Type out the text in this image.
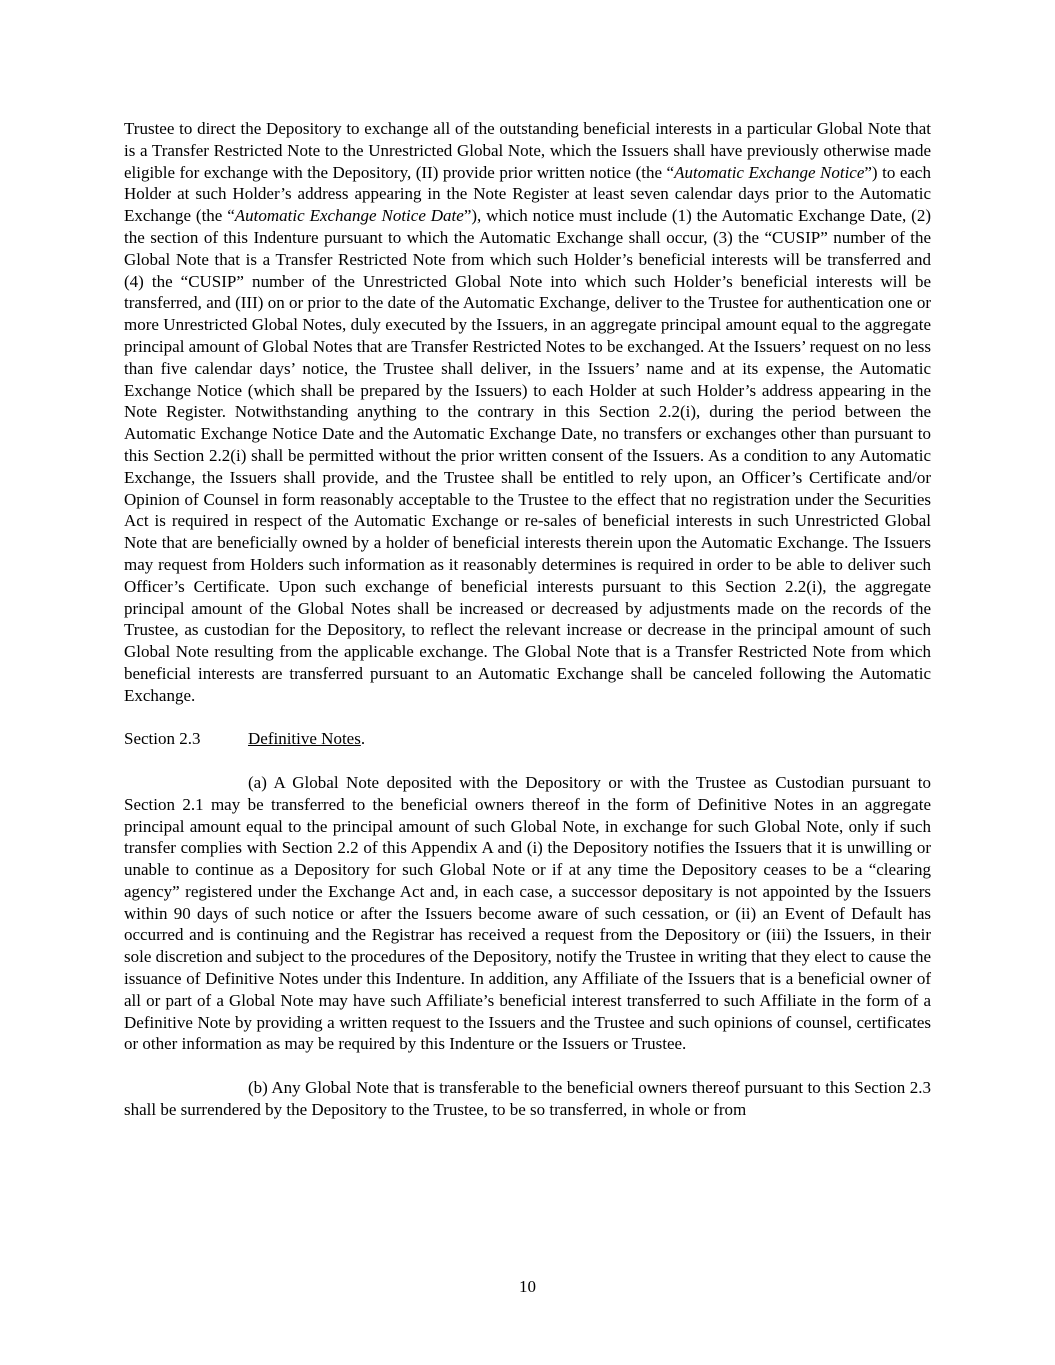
Trustee to direct the Depository to exchange all of the outstanding beneficial interests in a particular Global Note that is a Transfer Restricted Note to the Unrestricted Global Note, which the Issuers shall have previously otherwise made eligible for exchange with the Depository, (II) provide prior written notice (the “Automatic Exchange Notice”) to each Holder at such Holder’s address appearing in the Note Register at least seven calendar days prior to the Automatic Exchange (the “Automatic Exchange Notice Date”), which notice must include (1) the Automatic Exchange Date, (2) the section of this Indenture pursuant to which the Automatic Exchange shall occur, (3) the “CUSIP” number of the Global Note that is a Transfer Restricted Note from which such Holder’s beneficial interests will be transferred and (4) the “CUSIP” number of the Unrestricted Global Note into which such Holder’s beneficial interests will be transferred, and (III) on or prior to the date of the Automatic Exchange, deliver to the Trustee for authentication one or more Unrestricted Global Notes, duly executed by the Issuers, in an aggregate principal amount equal to the aggregate principal amount of Global Notes that are Transfer Restricted Notes to be exchanged. At the Issuers’ request on no less than five calendar days’ notice, the Trustee shall deliver, in the Issuers’ name and at its expense, the Automatic Exchange Notice (which shall be prepared by the Issuers) to each Holder at such Holder’s address appearing in the Note Register. Notwithstanding anything to the contrary in this Section 2.2(i), during the period between the Automatic Exchange Notice Date and the Automatic Exchange Date, no transfers or exchanges other than pursuant to this Section 2.2(i) shall be permitted without the prior written consent of the Issuers. As a condition to any Automatic Exchange, the Issuers shall provide, and the Trustee shall be entitled to rely upon, an Officer’s Certificate and/or Opinion of Counsel in form reasonably acceptable to the Trustee to the effect that no registration under the Securities Act is required in respect of the Automatic Exchange or re-sales of beneficial interests in such Unrestricted Global Note that are beneficially owned by a holder of beneficial interests therein upon the Automatic Exchange. The Issuers may request from Holders such information as it reasonably determines is required in order to be able to deliver such Officer’s Certificate. Upon such exchange of beneficial interests pursuant to this Section 2.2(i), the aggregate principal amount of the Global Notes shall be increased or decreased by adjustments made on the records of the Trustee, as custodian for the Depository, to reflect the relevant increase or decrease in the principal amount of such Global Note resulting from the applicable exchange. The Global Note that is a Transfer Restricted Note from which beneficial interests are transferred pursuant to an Automatic Exchange shall be canceled following the Automatic Exchange.

Section 2.3	Definitive Notes.

(a) A Global Note deposited with the Depository or with the Trustee as Custodian pursuant to Section 2.1 may be transferred to the beneficial owners thereof in the form of Definitive Notes in an aggregate principal amount equal to the principal amount of such Global Note, in exchange for such Global Note, only if such transfer complies with Section 2.2 of this Appendix A and (i) the Depository notifies the Issuers that it is unwilling or unable to continue as a Depository for such Global Note or if at any time the Depository ceases to be a “clearing agency” registered under the Exchange Act and, in each case, a successor depositary is not appointed by the Issuers within 90 days of such notice or after the Issuers become aware of such cessation, or (ii) an Event of Default has occurred and is continuing and the Registrar has received a request from the Depository or (iii) the Issuers, in their sole discretion and subject to the procedures of the Depository, notify the Trustee in writing that they elect to cause the issuance of Definitive Notes under this Indenture. In addition, any Affiliate of the Issuers that is a beneficial owner of all or part of a Global Note may have such Affiliate’s beneficial interest transferred to such Affiliate in the form of a Definitive Note by providing a written request to the Issuers and the Trustee and such opinions of counsel, certificates or other information as may be required by this Indenture or the Issuers or Trustee.

(b) Any Global Note that is transferable to the beneficial owners thereof pursuant to this Section 2.3 shall be surrendered by the Depository to the Trustee, to be so transferred, in whole or from

10
